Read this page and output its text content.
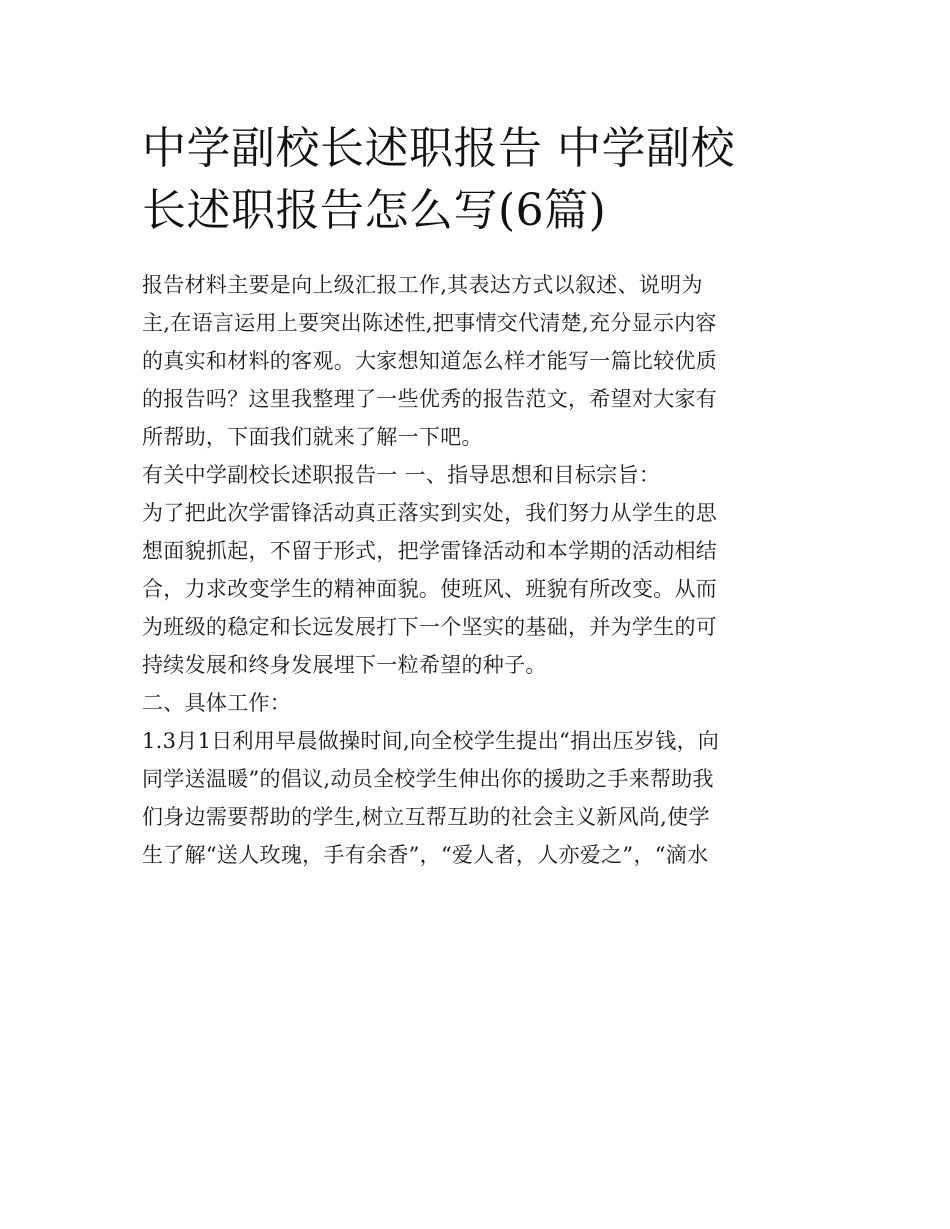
中学副校长述职报告 中学副校
长述职报告怎么写(6篇)

报告材料主要是向上级汇报工作,其表达方式以叙述、说明为
主,在语言运用上要突出陈述性,把事情交代清楚,充分显示内容
的真实和材料的客观。大家想知道怎么样才能写一篇比较优质
的报告吗？这里我整理了一些优秀的报告范文，希望对大家有
所帮助，下面我们就来了解一下吧。

有关中学副校长述职报告一 一、指导思想和目标宗旨：

为了把此次学雷锋活动真正落实到实处，我们努力从学生的思
想面貌抓起，不留于形式，把学雷锋活动和本学期的活动相结
合，力求改变学生的精神面貌。使班风、班貌有所改变。从而
为班级的稳定和长远发展打下一个坚实的基础，并为学生的可
持续发展和终身发展埋下一粒希望的种子。

二、具体工作：

1.3月1日利用早晨做操时间,向全校学生提出“捐出压岁钱，向
同学送温暖”的倡议,动员全校学生伸出你的援助之手来帮助我
们身边需要帮助的学生,树立互帮互助的社会主义新风尚,使学
生了解“送人玫瑰，手有余香”，“爱人者，人亦爱之”，“滴水
